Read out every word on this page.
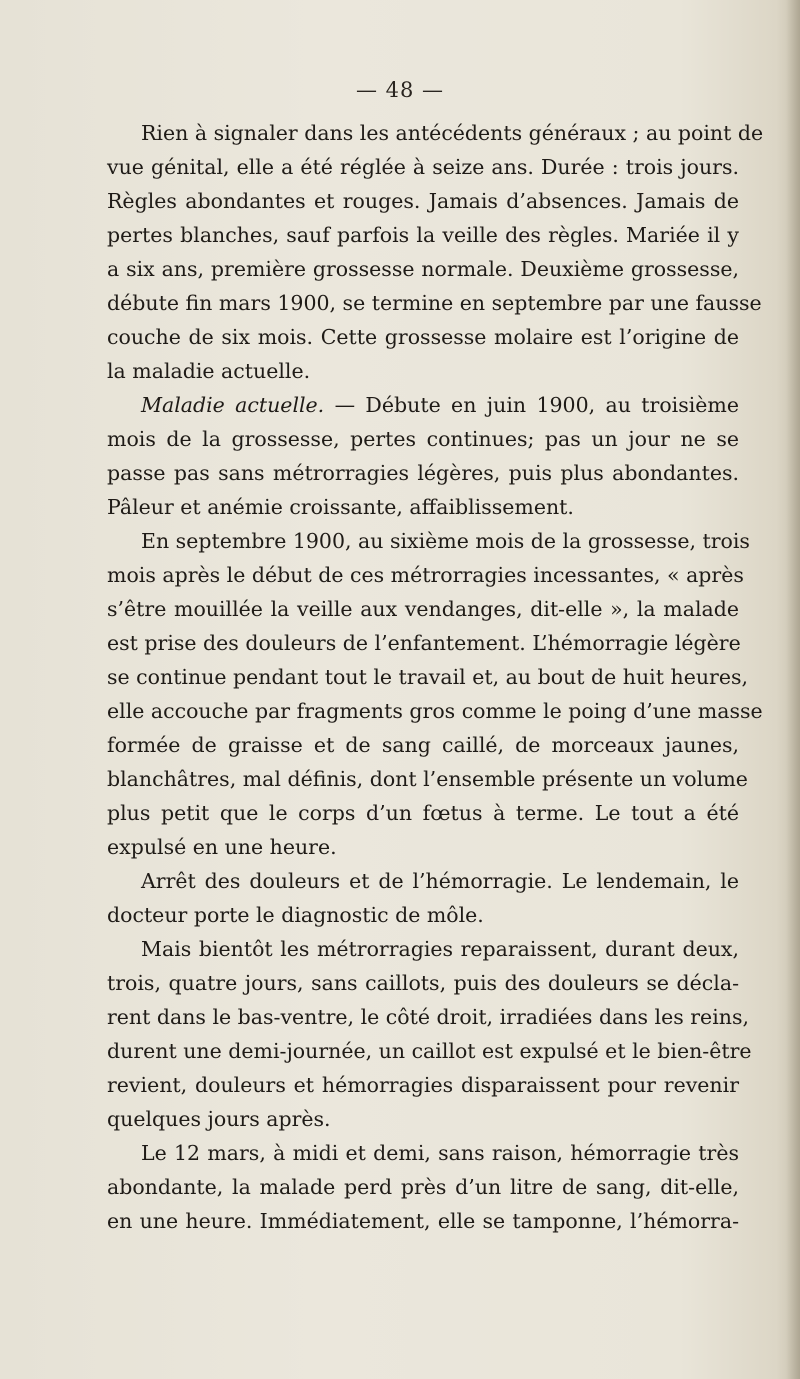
— 48 —
Rien à signaler dans les antécédents généraux ; au point de
vue génital, elle a été réglée à seize ans. Durée : trois jours.
Règles abondantes et rouges. Jamais d’absences. Jamais de
pertes blanches, sauf parfois la veille des règles. Mariée il y
a six ans, première grossesse normale. Deuxième grossesse,
débute fin mars 1900, se termine en septembre par une fausse
couche de six mois. Cette grossesse molaire est l’origine de
la maladie actuelle.
Maladie actuelle. — Débute en juin 1900, au troisième
mois de la grossesse, pertes continues; pas un jour ne se
passe pas sans métrorragies légères, puis plus abondantes.
Pâleur et anémie croissante, affaiblissement.
En septembre 1900, au sixième mois de la grossesse, trois
mois après le début de ces métrorragies incessantes, « après
s’être mouillée la veille aux vendanges, dit-elle », la malade
est prise des douleurs de l’enfantement. L’hémorragie légère
se continue pendant tout le travail et, au bout de huit heures,
elle accouche par fragments gros comme le poing d’une masse
formée de graisse et de sang caillé, de morceaux jaunes,
blanchâtres, mal définis, dont l’ensemble présente un volume
plus petit que le corps d’un fœtus à terme. Le tout a été
expulsé en une heure.
Arrêt des douleurs et de l’hémorragie. Le lendemain, le
docteur porte le diagnostic de môle.
Mais bientôt les métrorragies reparaissent, durant deux,
trois, quatre jours, sans caillots, puis des douleurs se décla-
rent dans le bas-ventre, le côté droit, irradiées dans les reins,
durent une demi-journée, un caillot est expulsé et le bien-être
revient, douleurs et hémorragies disparaissent pour revenir
quelques jours après.
Le 12 mars, à midi et demi, sans raison, hémorragie très
abondante, la malade perd près d’un litre de sang, dit-elle,
en une heure. Immédiatement, elle se tamponne, l’hémorra-
